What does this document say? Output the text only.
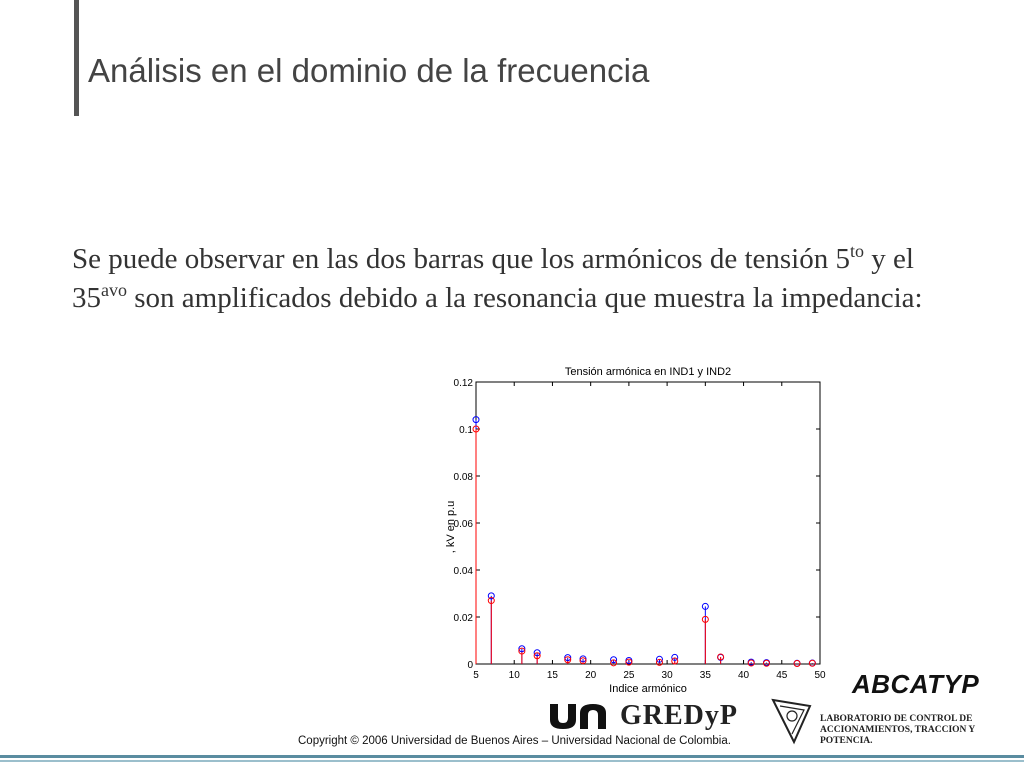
Análisis en el dominio de la frecuencia
Se puede observar en las dos barras que los armónicos de tensión $5^{to}$ y el $35^{avo}$ son amplificados debido a la resonancia que muestra la impedancia:
5	10	15	20	25	30	35	40	45	50
0
0.02
0.04
0.06
0.08
0.1
0.12
Tensión armónica en IND1 y IND2
Indice armónico
, kV en p.u
ABCATYP
GREDyP	LABORATORIO DE CONTROL DE
ACCIONAMIENTOS, TRACCION Y POTENCIA.
Copyright © 2006 Universidad de Buenos Aires – Universidad Nacional de Colombia.
